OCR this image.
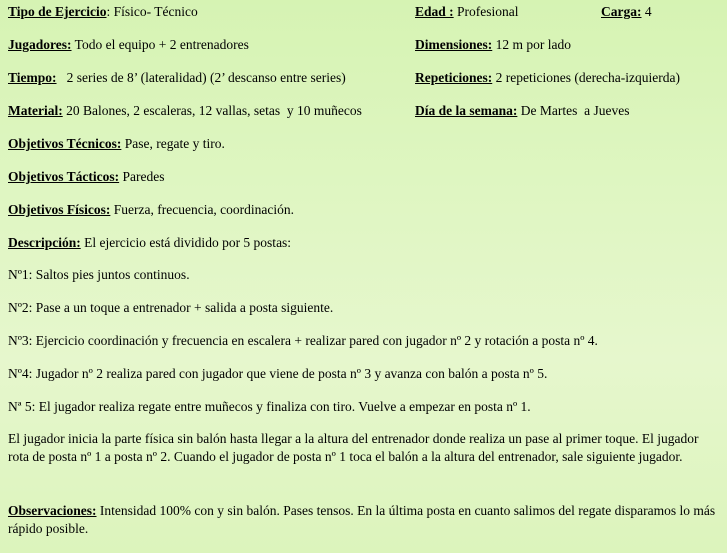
Tipo de Ejercicio: Físico- Técnico	Edad : Profesional	Carga: 4
Jugadores: Todo el equipo + 2 entrenadores	Dimensiones: 12 m por lado
Tiempo:   2 series de 8’ (lateralidad) (2’ descanso entre series)	Repeticiones: 2 repeticiones (derecha-izquierda)
Material: 20 Balones, 2 escaleras, 12 vallas, setas  y 10 muñecos	Día de la semana: De Martes  a Jueves
Objetivos Técnicos: Pase, regate y tiro.
Objetivos Tácticos: Paredes
Objetivos Físicos: Fuerza, frecuencia, coordinación.
Descripción: El ejercicio está dividido por 5 postas:
Nº1: Saltos pies juntos continuos.
Nº2: Pase a un toque a entrenador + salida a posta siguiente.
Nº3: Ejercicio coordinación y frecuencia en escalera + realizar pared con jugador nº 2 y rotación a posta nº 4.
Nº4: Jugador nº 2 realiza pared con jugador que viene de posta nº 3 y avanza con balón a posta nº 5.
Nª 5: El jugador realiza regate entre muñecos y finaliza con tiro. Vuelve a empezar en posta nº 1.
El jugador inicia la parte física sin balón hasta llegar a la altura del entrenador donde realiza un pase al primer toque. El jugador rota de posta nº 1 a posta nº 2. Cuando el jugador de posta nº 1 toca el balón a la altura del entrenador, sale siguiente jugador.
Observaciones: Intensidad 100% con y sin balón. Pases tensos. En la última posta en cuanto salimos del regate disparamos lo más rápido posible.
